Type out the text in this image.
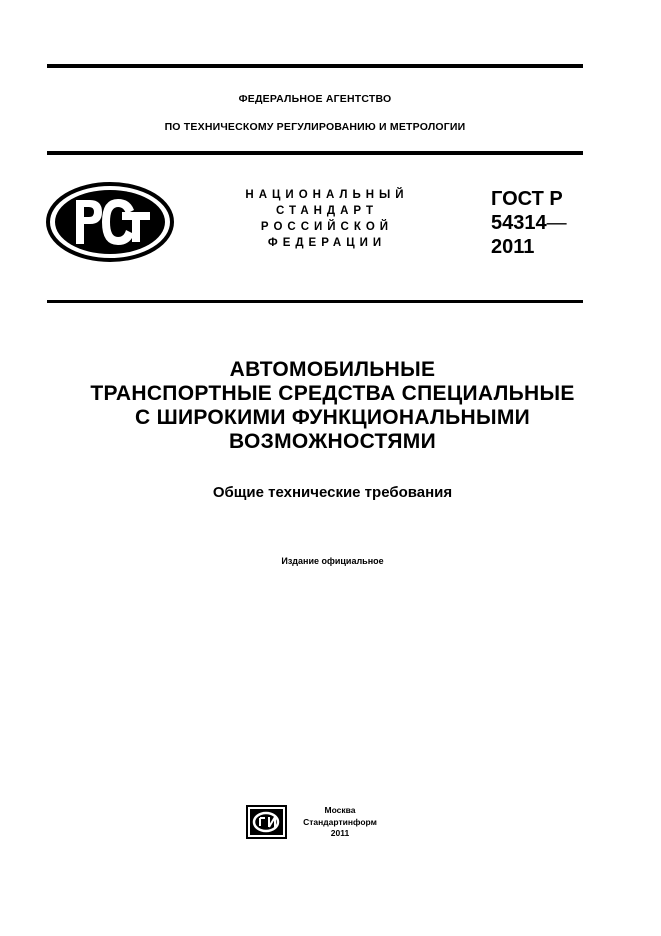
ФЕДЕРАЛЬНОЕ АГЕНТСТВО
ПО ТЕХНИЧЕСКОМУ РЕГУЛИРОВАНИЮ И МЕТРОЛОГИИ
НАЦИОНАЛЬНЫЙ
СТАНДАРТ
РОССИЙСКОЙ
ФЕДЕРАЦИИ
ГОСТ Р
54314—
2011
АВТОМОБИЛЬНЫЕ
ТРАНСПОРТНЫЕ СРЕДСТВА СПЕЦИАЛЬНЫЕ
С ШИРОКИМИ ФУНКЦИОНАЛЬНЫМИ
ВОЗМОЖНОСТЯМИ
Общие технические требования
Издание официальное
Москва
Стандартинформ
2011
